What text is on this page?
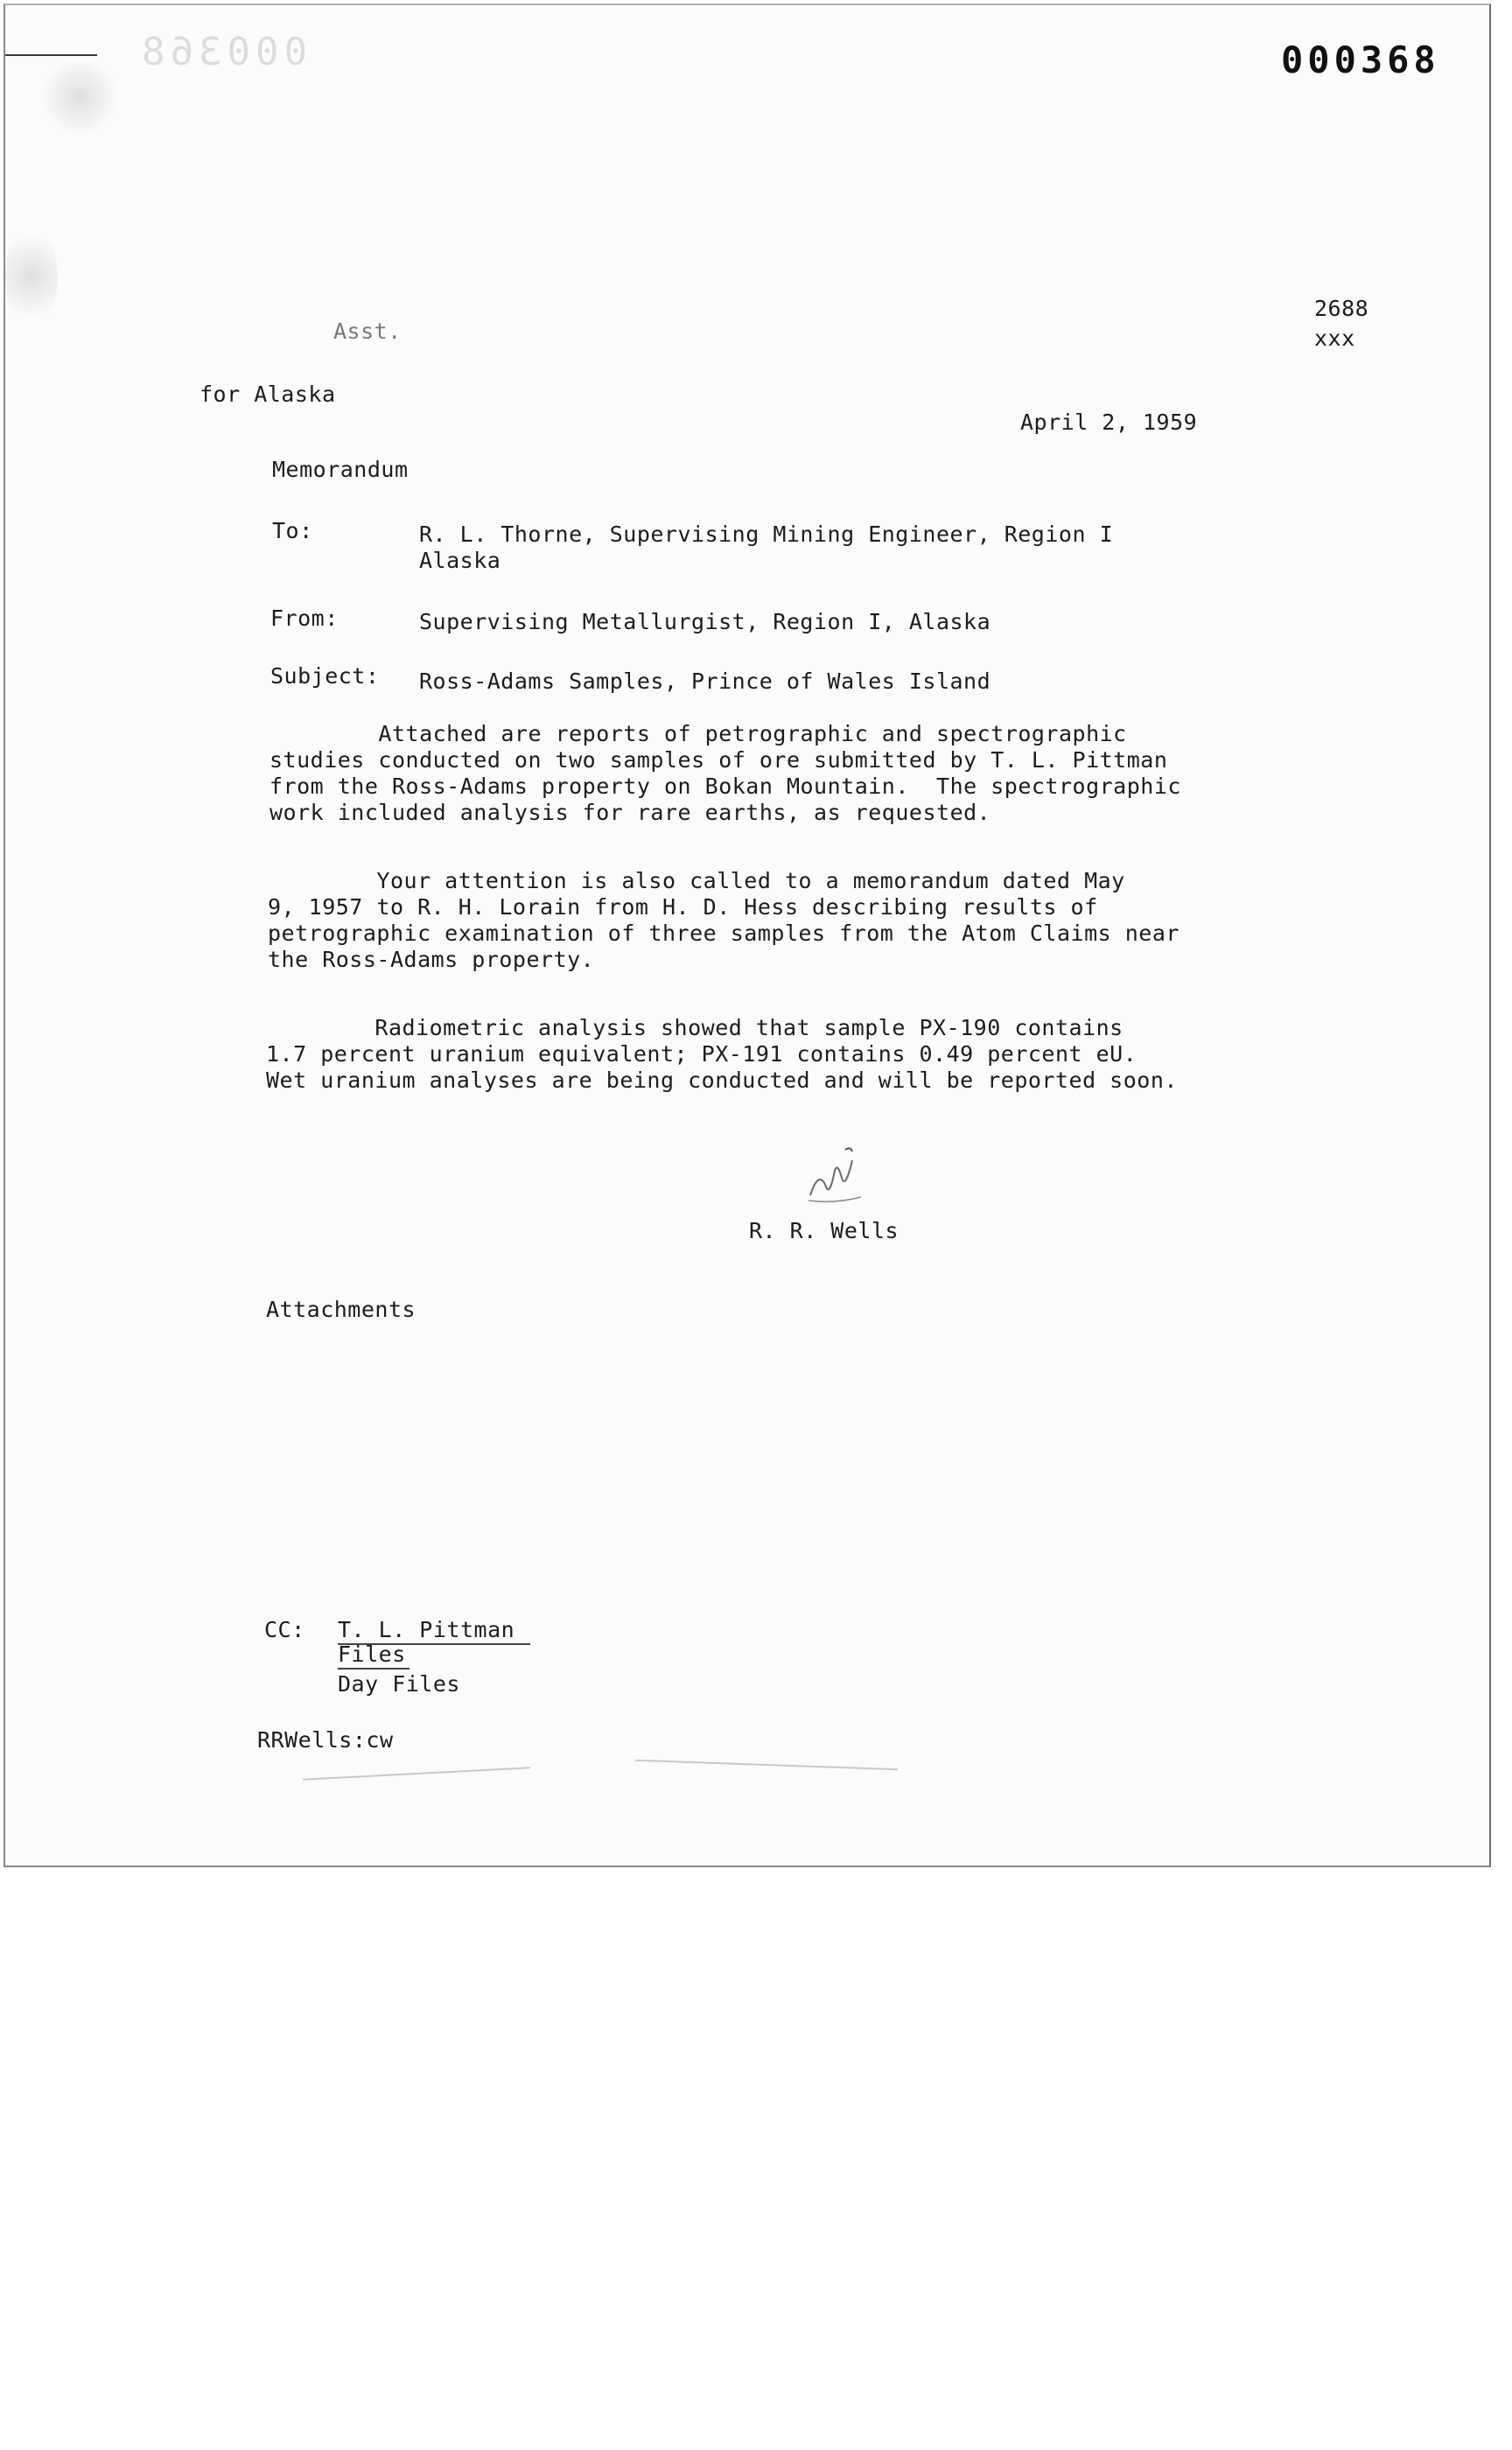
000368	000368
2688
xxx
Asst.
for Alaska
April 2, 1959
Memorandum
To:	R. L. Thorne, Supervising Mining Engineer, Region I
Alaska
From:	Supervising Metallurgist, Region I, Alaska
Subject: Ross-Adams Samples, Prince of Wales Island
Attached are reports of petrographic and spectrographic
studies conducted on two samples of ore submitted by T. L. Pittman
from the Ross-Adams property on Bokan Mountain.  The spectrographic
work included analysis for rare earths, as requested.
Your attention is also called to a memorandum dated May
9, 1957 to R. H. Lorain from H. D. Hess describing results of
petrographic examination of three samples from the Atom Claims near
the Ross-Adams property.
Radiometric analysis showed that sample PX-190 contains
1.7 percent uranium equivalent; PX-191 contains 0.49 percent eU.
Wet uranium analyses are being conducted and will be reported soon.
R. R. Wells
Attachments
CC: T. L. Pittman
Files
Day Files
RRWells:cw
